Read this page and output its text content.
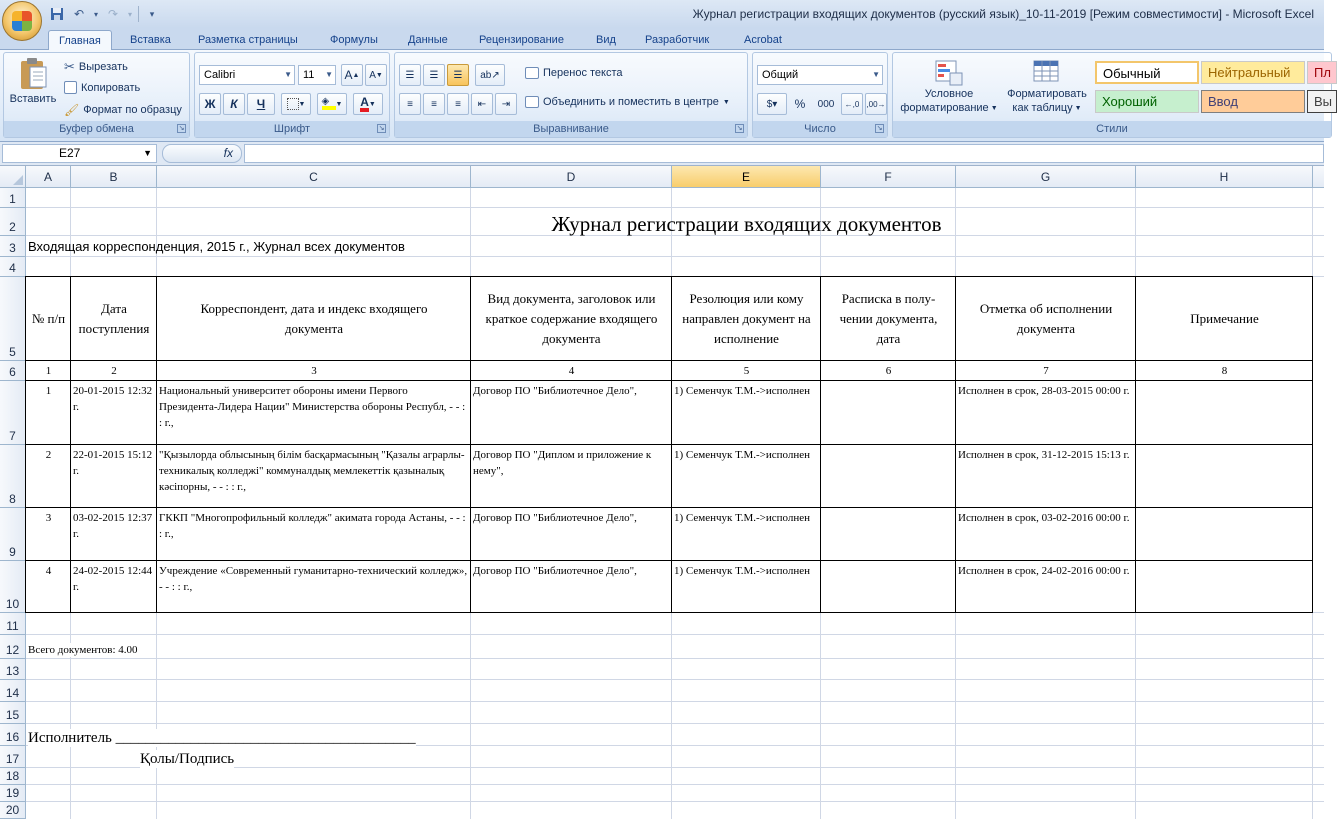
↶	▾ ↷	▾	▾	Журнал регистрации входящих документов (русский язык)_10-11-2019 [Режим совместимости] - Microsoft Excel
Главная	Вставка	Разметка страницы	Формулы	Данные	Рецензирование	Вид	Разработчик	Acrobat
Вставить
✂ Вырезать
Копировать
🖌 Формат по образцу
Буфер обмена	↘
Calibri	▼	11 ▼ A ▲ A ▼
Ж	К	Ч	▼ ◈ ▼ A ▼
Шрифт	↘
☰ ☰ ☰ ab↗	Перенос текста
≡ ≡ ≡ ⇤ ⇥	Объединить и поместить в центре ▼
Выравнивание	↘
Общий	▼
$▾	%	000	←,0 ,00→
Число	↘
Условное
форматирование ▼
Форматировать
как таблицу ▼
Обычный	Нейтральный	Пл
Хороший	Ввод	Вы
Стили
E27	▼	fx
A	B	C	D	E	F	G	H
1
2
3
4
5
6
7
8
9
10
11
12
13
14
15
16
17
18
19
20
Журнал регистрации входящих документов
Входящая корреспонденция, 2015 г., Журнал всех документов
№ п/п
Дата поступления
Корреспондент, дата и индекс входящего документа
Вид документа, заголовок или краткое содержание входящего документа
Резолюция или кому направлен документ на исполнение
Расписка в полу-чении документа, дата
Отметка об исполнении документа
Примечание
1	2	3	4	5	6	7	8
1	20-01-2015 12:32 г.
Национальный университет обороны имени Первого Президента-Лидера Нации" Министерства обороны Республ, - - : : г.,
Договор ПО "Библиотечное Дело",	1) Семенчук Т.М.->исполнен	Исполнен в срок, 28-03-2015 00:00 г.
2	22-01-2015 15:12 г.
"Қызылорда облысының білім басқармасының "Қазалы аграрлы-техникалық колледжі" коммуналдық мемлекеттік қазыналық кәсіпорны, - - : : г.,
Договор ПО "Диплом и приложение к нему",
1) Семенчук Т.М.->исполнен	Исполнен в срок, 31-12-2015 15:13 г.
3	03-02-2015 12:37 г.
ГККП "Многопрофильный колледж" акимата города Астаны, - - : : г.,
Договор ПО "Библиотечное Дело",	1) Семенчук Т.М.->исполнен	Исполнен в срок, 03-02-2016 00:00 г.
4	24-02-2015 12:44 г.
Учреждение «Современный гуманитарно-технический колледж», - - : : г.,
Договор ПО "Библиотечное Дело",	1) Семенчук Т.М.->исполнен	Исполнен в срок, 24-02-2016 00:00 г.
Всего документов: 4.00
Исполнитель ________________________________________
Қолы/Подпись
